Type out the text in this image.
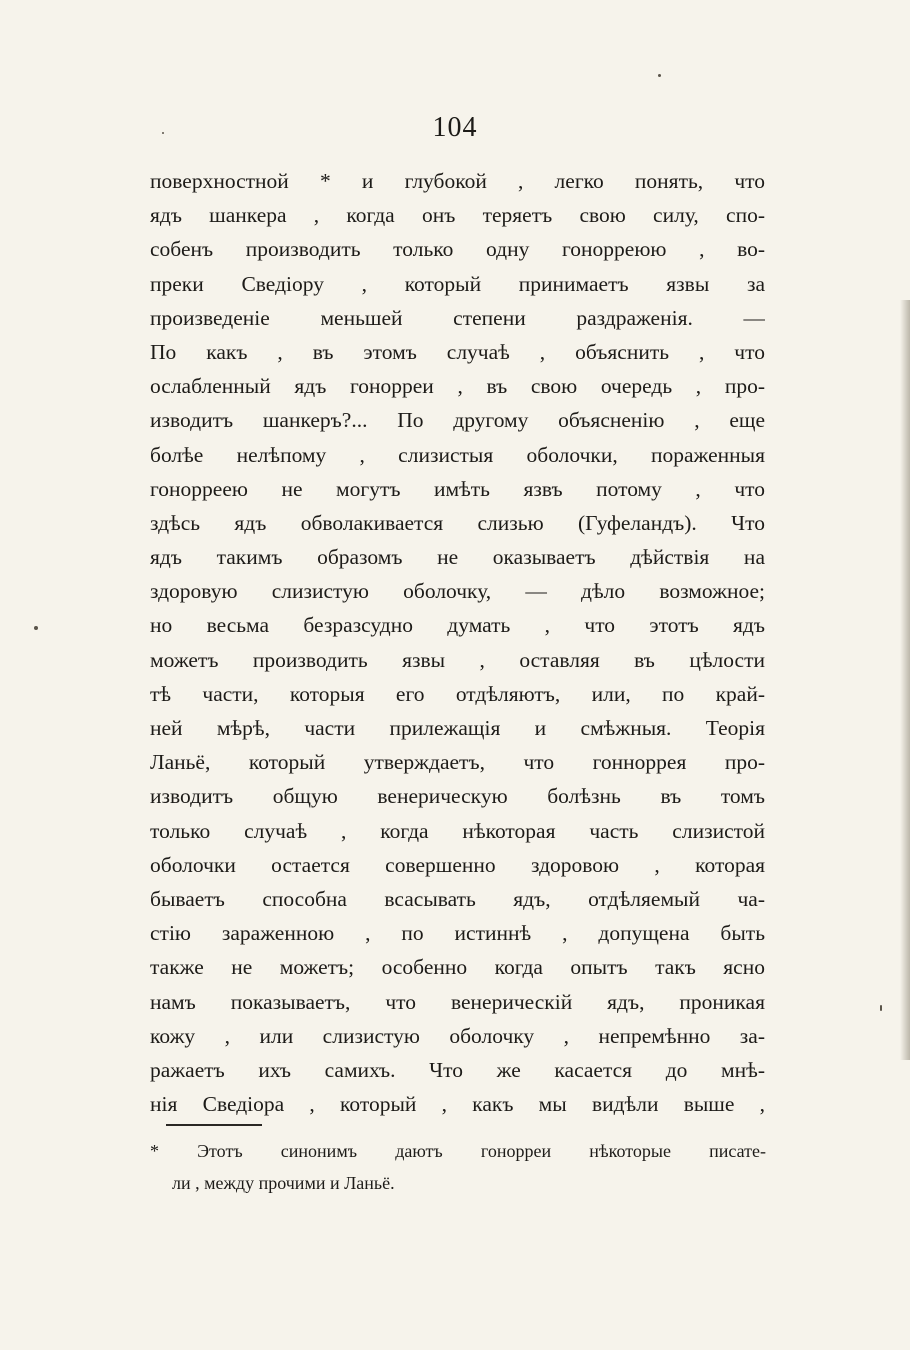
104
поверхностной * и глубокой , легко понять, что
ядъ шанкера , когда онъ теряетъ свою силу, спо-
собенъ производить только одну гонорреюю , во-
преки Сведіору , который принимаетъ язвы за
произведеніе меньшей степени раздраженія. —
По какъ , въ этомъ случаѣ , объяснить , что
ослабленный ядъ гонорреи , въ свою очередь , про-
изводитъ шанкеръ?... По другому объясненію , еще
болѣе нелѣпому , слизистыя оболочки, пораженныя
гонорреею не могутъ имѣть язвъ потому , что
здѣсь ядъ обволакивается слизью (Гуфеландъ). Что
ядъ такимъ образомъ не оказываетъ дѣйствія на
здоровую слизистую оболочку, — дѣло возможное;
но весьма безразсудно думать , что этотъ ядъ
можетъ производить язвы , оставляя въ цѣлости
тѣ части, которыя его отдѣляютъ, или, по край-
ней мѣрѣ, части прилежащія и смѣжныя. Теорія
Ланьё, который утверждаетъ, что гонноррея про-
изводитъ общую венерическую болѣзнь въ томъ
только случаѣ , когда нѣкоторая часть слизистой
оболочки остается совершенно здоровою , которая
бываетъ способна всасывать ядъ, отдѣляемый ча-
стію зараженною , по истиннѣ , допущена быть
также не можетъ; особенно когда опытъ такъ ясно
намъ показываетъ, что венерическій ядъ, проникая
кожу , или слизистую оболочку , непремѣнно за-
ражаетъ ихъ самихъ. Что же касается до мнѣ-
нія Сведіора , который , какъ мы видѣли выше ,
* Этотъ синонимъ даютъ гонорреи нѣкоторые писате-
ли , между прочими и Ланьё.
